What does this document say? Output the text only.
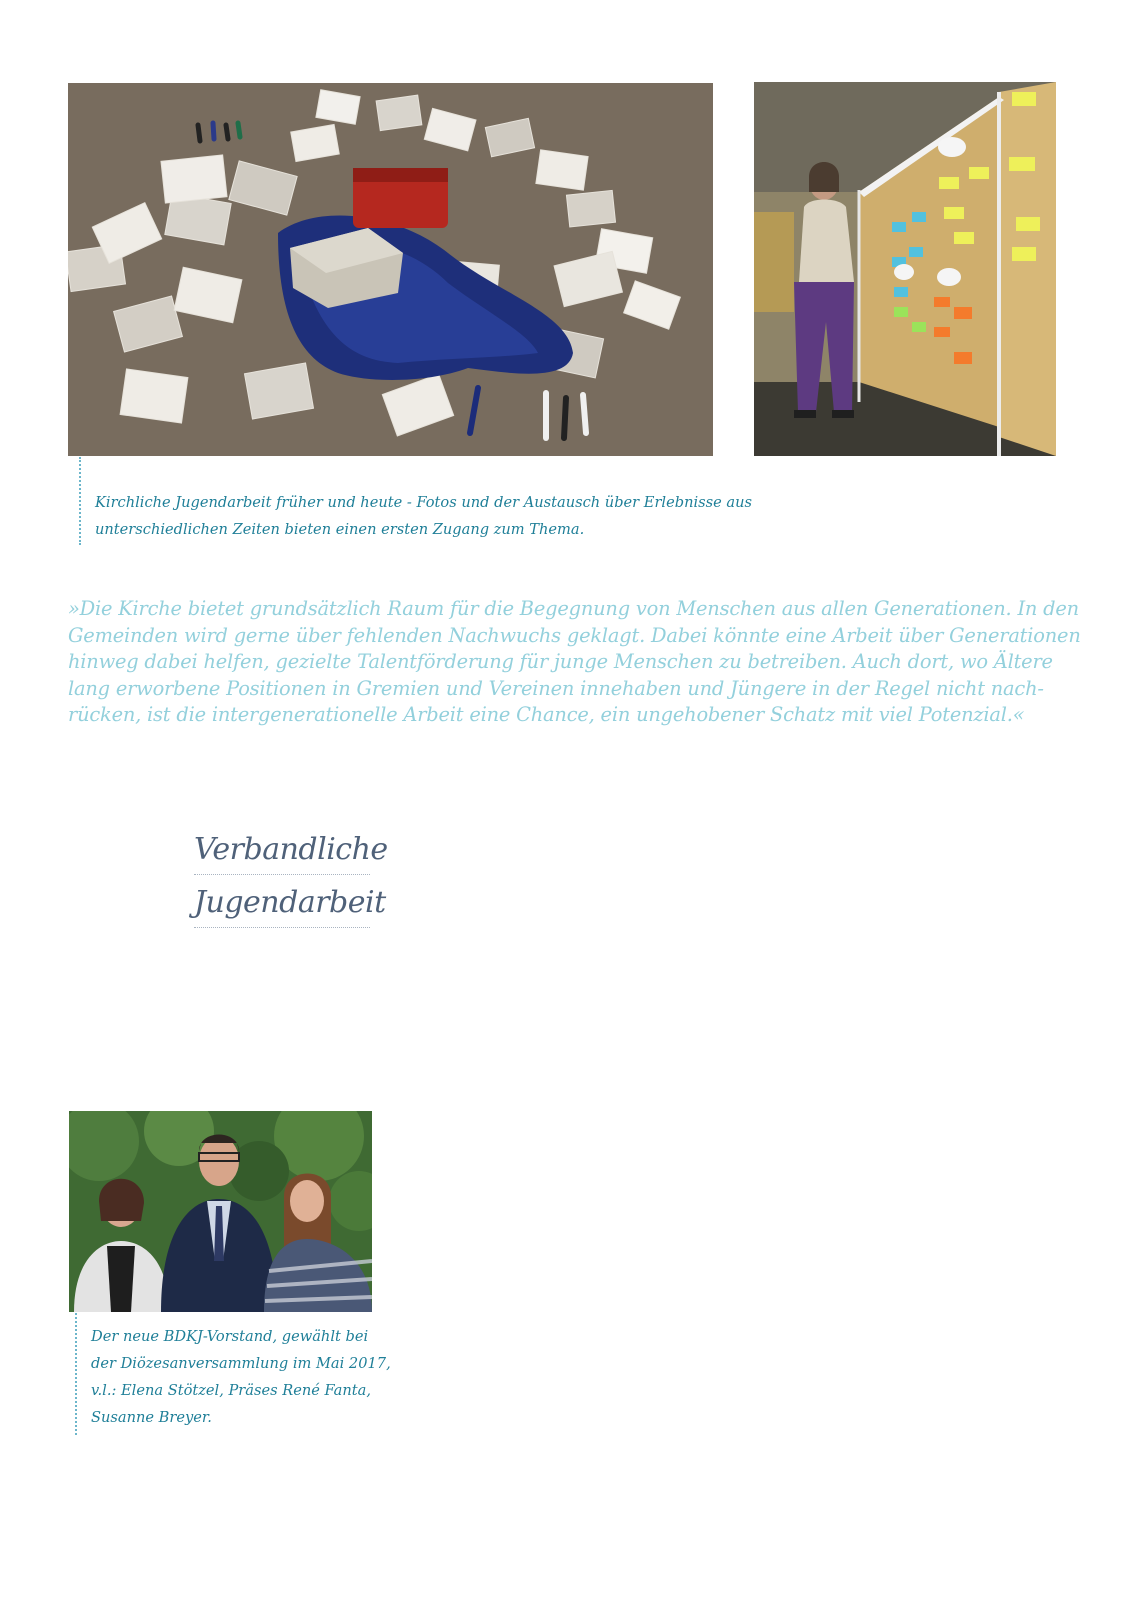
Kirchliche Jugendarbeit früher und heute - Fotos und der Austausch über Erlebnisse aus
unterschiedlichen Zeiten bieten einen ersten Zugang zum Thema.
»Die Kirche bietet grundsätzlich Raum für die Begegnung von Menschen aus allen Generationen. In den
Gemeinden wird gerne über fehlenden Nachwuchs geklagt. Dabei könnte eine Arbeit über Generationen
hinweg dabei helfen, gezielte Talentförderung für junge Menschen zu betreiben. Auch dort, wo Ältere
lang erworbene Positionen in Gremien und Vereinen innehaben und Jüngere in der Regel nicht nach-
rücken, ist die intergenerationelle Arbeit eine Chance, ein ungehobener Schatz mit viel Potenzial.«
Verbandliche
Jugendarbeit
Der neue BDKJ-Vorstand, gewählt bei
der Diözesanversammlung im Mai 2017,
v.l.: Elena Stötzel, Präses René Fanta,
Susanne Breyer.
